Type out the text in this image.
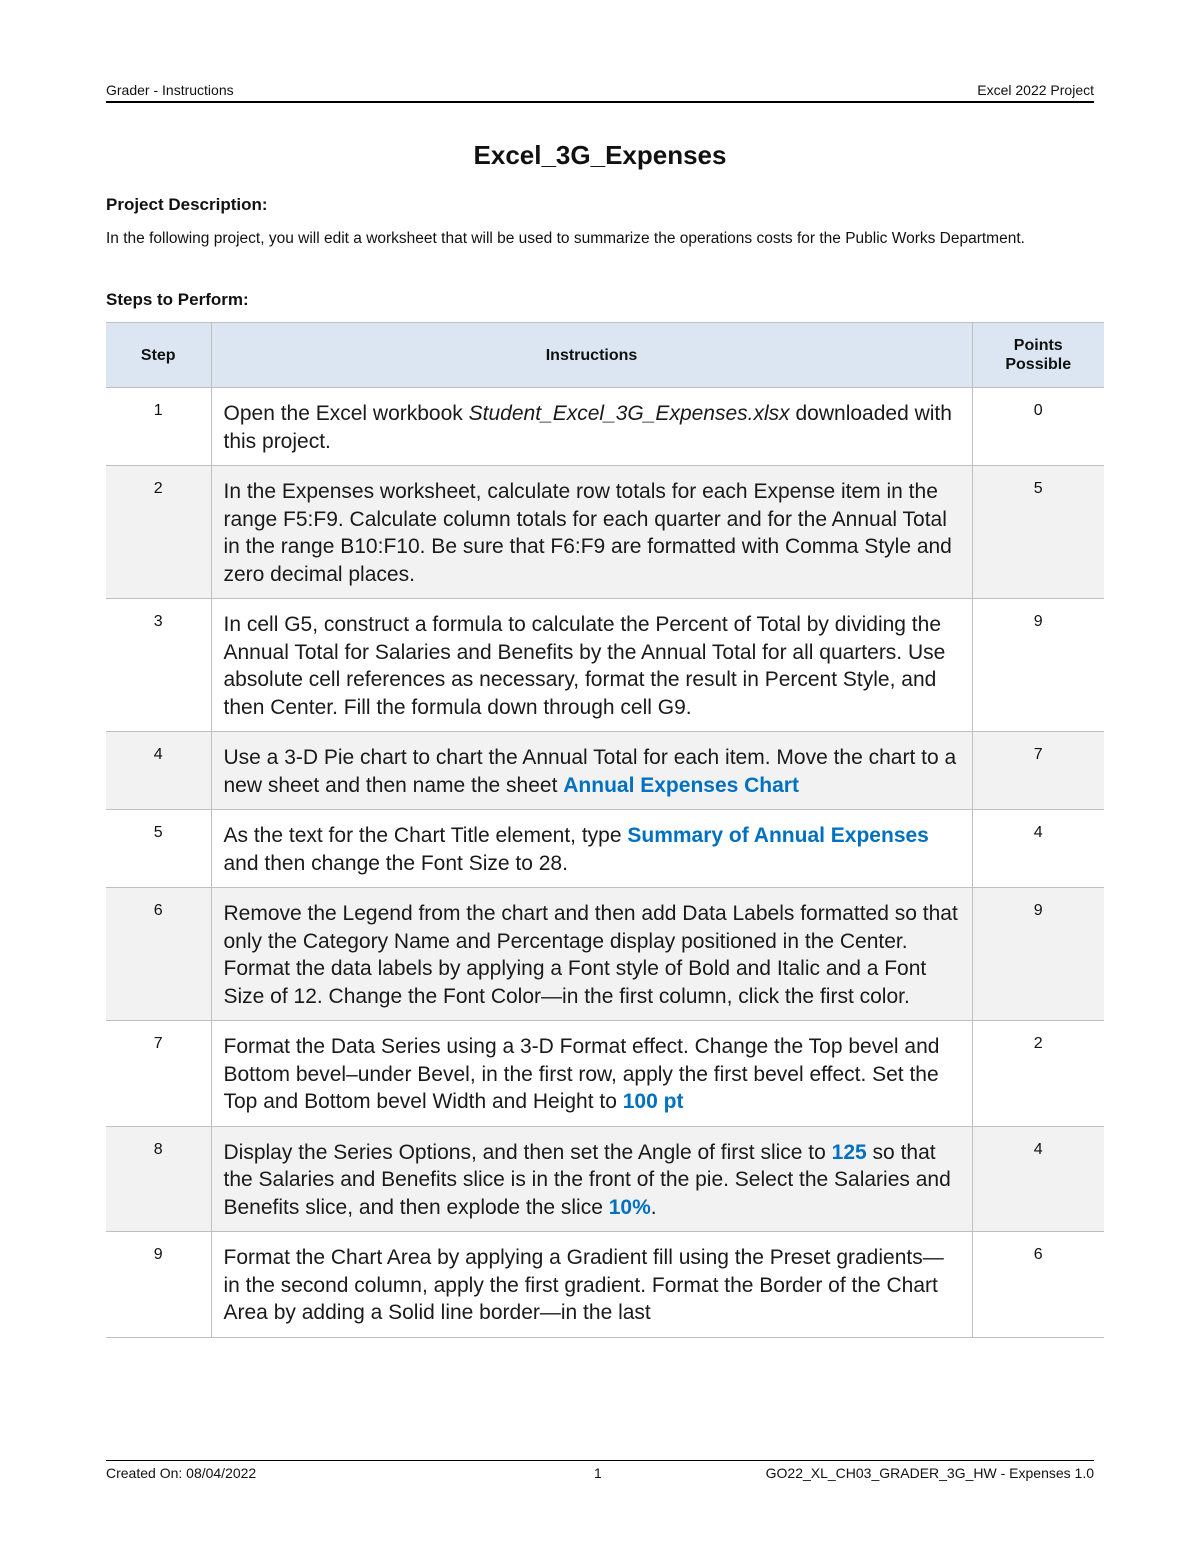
Grader - Instructions	Excel 2022 Project
Excel_3G_Expenses
Project Description:
In the following project, you will edit a worksheet that will be used to summarize the operations costs for the Public Works Department.
Steps to Perform:
Step	Instructions	Points
Possible
1	Open the Excel workbook Student_Excel_3G_Expenses.xlsx downloaded with this project.	0
2	In the Expenses worksheet, calculate row totals for each Expense item in the range F5:F9. Calculate column totals for each quarter and for the Annual Total in the range B10:F10. Be sure that F6:F9 are formatted with Comma Style and zero decimal places.	5
3	In cell G5, construct a formula to calculate the Percent of Total by dividing the Annual Total for Salaries and Benefits by the Annual Total for all quarters. Use absolute cell references as necessary, format the result in Percent Style, and then Center. Fill the formula down through cell G9.	9
4	Use a 3-D Pie chart to chart the Annual Total for each item. Move the chart to a new sheet and then name the sheet Annual Expenses Chart	7
5	As the text for the Chart Title element, type Summary of Annual Expenses and then change the Font Size to 28.	4
6	Remove the Legend from the chart and then add Data Labels formatted so that only the Category Name and Percentage display positioned in the Center. Format the data labels by applying a Font style of Bold and Italic and a Font Size of 12. Change the Font Color—in the first column, click the first color.	9
7	Format the Data Series using a 3-D Format effect. Change the Top bevel and Bottom bevel–under Bevel, in the first row, apply the first bevel effect. Set the Top and Bottom bevel Width and Height to 100 pt	2
8	Display the Series Options, and then set the Angle of first slice to 125 so that the Salaries and Benefits slice is in the front of the pie. Select the Salaries and Benefits slice, and then explode the slice 10%.	4
9	Format the Chart Area by applying a Gradient fill using the Preset gradients—in the second column, apply the first gradient. Format the Border of the Chart Area by adding a Solid line border—in the last	6
Created On: 08/04/2022	1	GO22_XL_CH03_GRADER_3G_HW - Expenses 1.0
